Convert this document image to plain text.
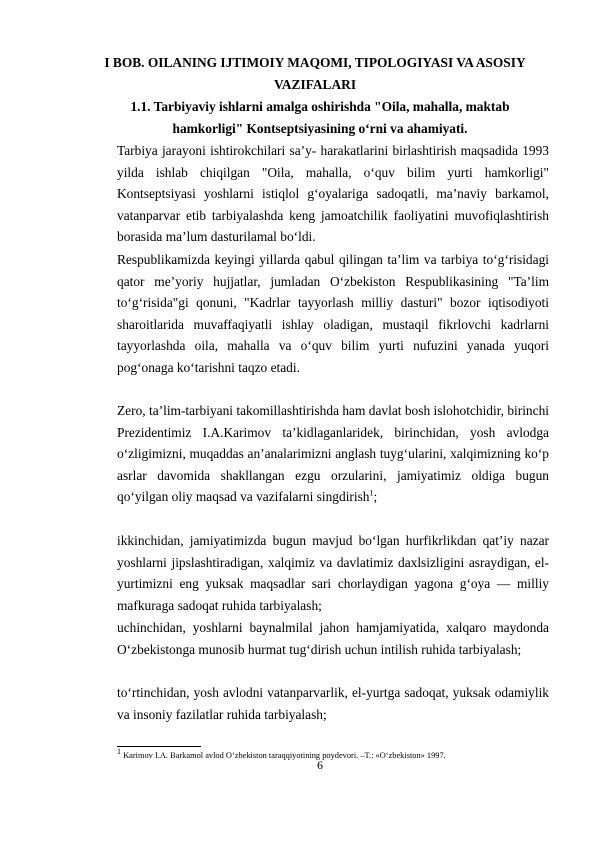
I BOB. OILANING IJTIMOIY MAQOMI, TIPOLOGIYASI VA ASOSIY VAZIFALARI
1.1. Tarbiyaviy ishlarni amalga oshirishda "Oila, mahalla, maktab hamkorligi" Kontseptsiyasining o‘rni va ahamiyati.
Tarbiya jarayoni ishtirokchilari sa’y- harakatlarini birlashtirish maqsadida 1993 yilda ishlab chiqilgan "Oila, mahalla, o‘quv bilim yurti hamkorligi" Kontseptsiyasi yoshlarni istiqlol g‘oyalariga sadoqatli, ma’naviy barkamol, vatanparvar etib tarbiyalashda keng jamoatchilik faoliyatini muvofiqlashtirish borasida ma’lum dasturilamal bo‘ldi.
Respublikamizda keyingi yillarda qabul qilingan ta’lim va tarbiya to‘g‘risidagi qator me’yoriy hujjatlar, jumladan O‘zbekiston Respublikasining "Ta’lim to‘g‘risida"gi qonuni, "Kadrlar tayyorlash milliy dasturi" bozor iqtisodiyoti sharoitlarida muvaffaqiyatli ishlay oladigan, mustaqil fikrlovchi kadrlarni tayyorlashda oila, mahalla va o‘quv bilim yurti nufuzini yanada yuqori pog‘onaga ko‘tarishni taqzo etadi.
Zero, ta’lim-tarbiyani takomillashtirishda ham davlat bosh islohotchidir, birinchi Prezidentimiz I.A.Karimov ta’kidlaganlaridek, birinchidan, yosh avlodga o‘zligimizni, muqaddas an’analarimizni anglash tuyg‘ularini, xalqimizning ko‘p asrlar davomida shakllangan ezgu orzularini, jamiyatimiz oldiga bugun qo‘yilgan oliy maqsad va vazifalarni singdirish$^1$;
ikkinchidan, jamiyatimizda bugun mavjud bo‘lgan hurfikrlikdan qat’iy nazar yoshlarni jipslashtiradigan, xalqimiz va davlatimiz daxlsizligini asraydigan, el-yurtimizni eng yuksak maqsadlar sari chorlaydigan yagona g‘oya — milliy mafkuraga sadoqat ruhida tarbiyalash;
uchinchidan, yoshlarni baynalmilal jahon hamjamiyatida, xalqaro maydonda O‘zbekistonga munosib hurmat tug‘dirish uchun intilish ruhida tarbiyalash;
to‘rtinchidan, yosh avlodni vatanparvarlik, el-yurtga sadoqat, yuksak odamiylik va insoniy fazilatlar ruhida tarbiyalash;
$^1$ Karimov I.A. Barkamol avlod O‘zbekiston taraqqiyotining poydevori. –T.: «O‘zbekiston» 1997.
6
